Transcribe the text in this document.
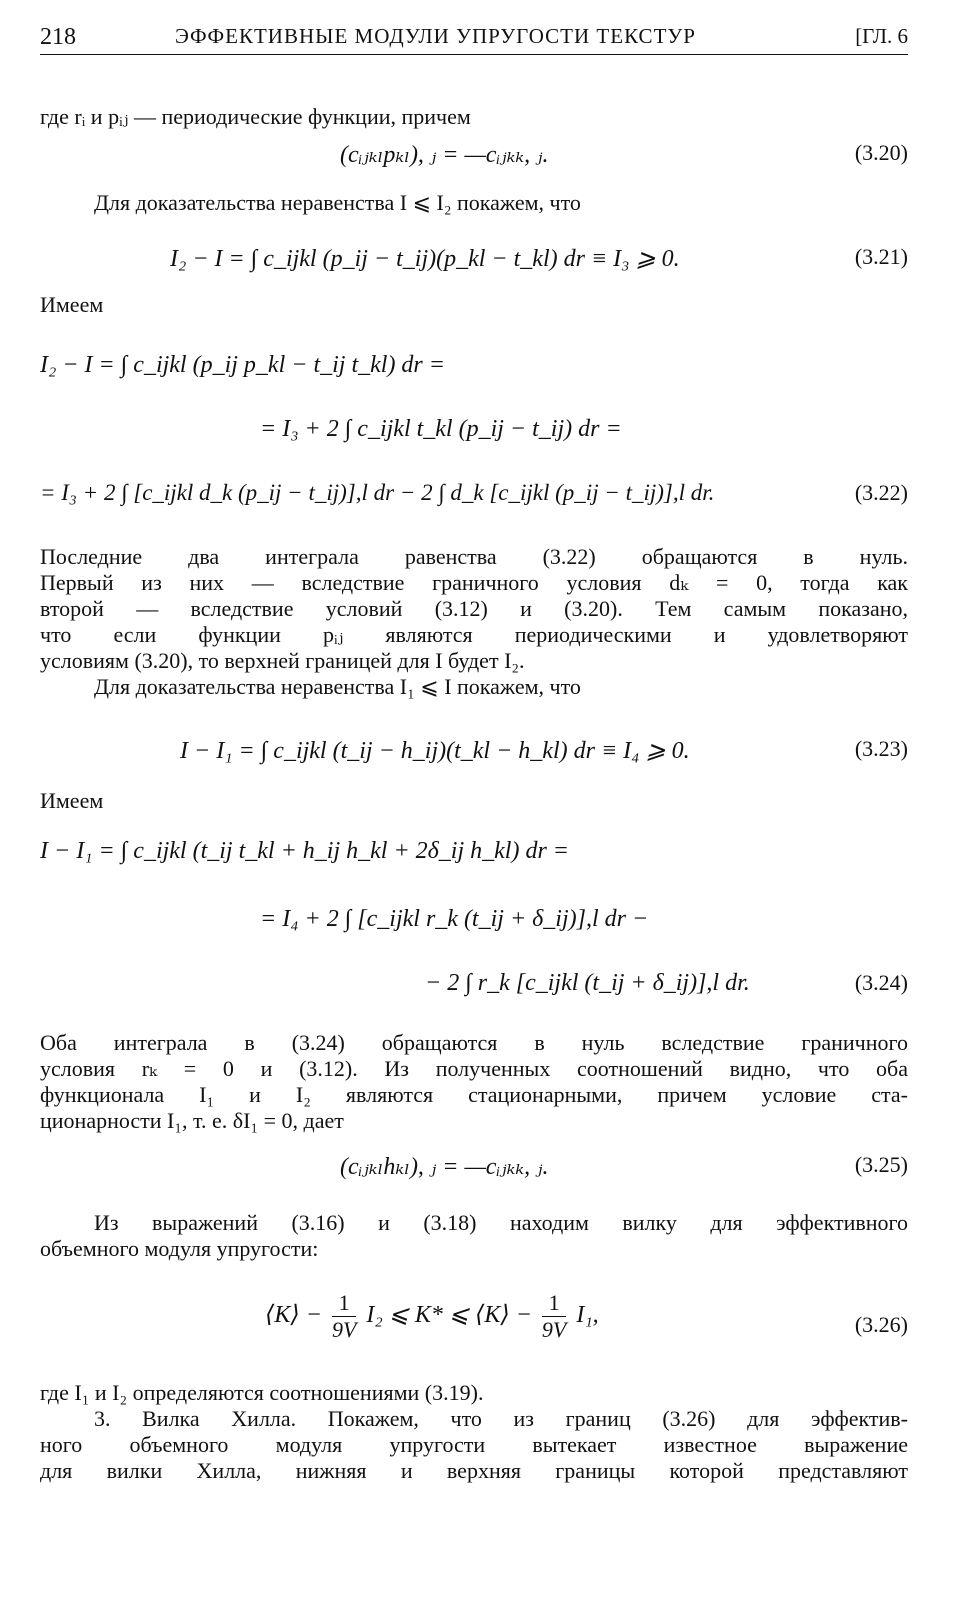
218	ЭФФЕКТИВНЫЕ МОДУЛИ УПРУГОСТИ ТЕКСТУР	[ГЛ. 6
где rᵢ и pᵢⱼ — периодические функции, причем
(cᵢⱼₖₗpₖₗ), ⱼ = —cᵢⱼₖₖ, ⱼ.	(3.20)
Для доказательства неравенства I ⩽ I₂ покажем, что
I₂ − I = ∫ c_ijkl (p_ij − t_ij)(p_kl − t_kl) dr ≡ I₃ ⩾ 0.	(3.21)
Имеем
I₂ − I = ∫ c_ijkl (p_ij p_kl − t_ij t_kl) dr =
= I₃ + 2 ∫ c_ijkl t_kl (p_ij − t_ij) dr =
= I₃ + 2 ∫ [c_ijkl d_k (p_ij − t_ij)],l dr − 2 ∫ d_k [c_ijkl (p_ij − t_ij)],l dr.	(3.22)
Последние два интеграла равенства (3.22) обращаются в нуль.
Первый из них — вследствие граничного условия dₖ = 0, тогда как
второй — вследствие условий (3.12) и (3.20). Тем самым показано,
что если функции pᵢⱼ являются периодическими и удовлетворяют
условиям (3.20), то верхней границей для I будет I₂.
Для доказательства неравенства I₁ ⩽ I покажем, что
I − I₁ = ∫ c_ijkl (t_ij − h_ij)(t_kl − h_kl) dr ≡ I₄ ⩾ 0.	(3.23)
Имеем
I − I₁ = ∫ c_ijkl (t_ij t_kl + h_ij h_kl + 2δ_ij h_kl) dr =
= I₄ + 2 ∫ [c_ijkl r_k (t_ij + δ_ij)],l dr −
− 2 ∫ r_k [c_ijkl (t_ij + δ_ij)],l dr.	(3.24)
Оба интеграла в (3.24) обращаются в нуль вследствие граничного
условия rₖ = 0 и (3.12). Из полученных соотношений видно, что оба
функционала I₁ и I₂ являются стационарными, причем условие ста-
ционарности I₁, т. е. δI₁ = 0, дает
(cᵢⱼₖₗhₖₗ), ⱼ = —cᵢⱼₖₖ, ⱼ.	(3.25)
Из выражений (3.16) и (3.18) находим вилку для эффективного
объемного модуля упругости:
⟨K⟩ − $\frac{1}{9V} I_2$ ⩽ K* ⩽ ⟨K⟩ − $\frac{1}{9V} I_1$,	(3.26)
где I₁ и I₂ определяются соотношениями (3.19).
3. Вилка Хилла. Покажем, что из границ (3.26) для эффектив-
ного объемного модуля упругости вытекает известное выражение
для вилки Хилла, нижняя и верхняя границы которой представляют
